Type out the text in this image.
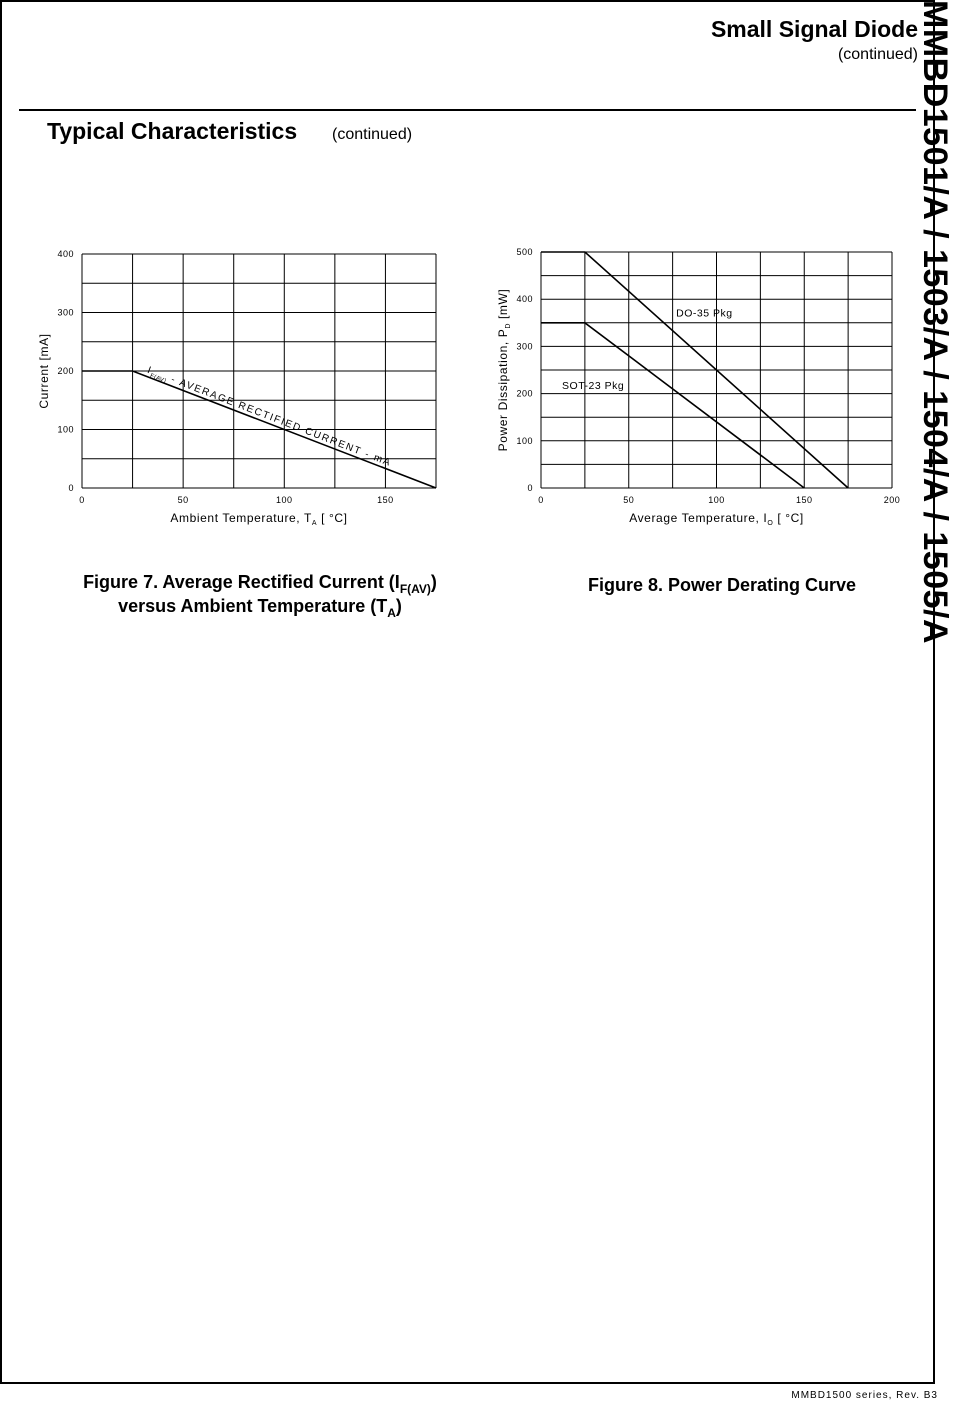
Small Signal Diode
(continued)
Typical Characteristics (continued)	MMBD1501/A / 1503/A / 1504/A / 1505/A
0	50	100	150
0
100
200
300
400
Ambient Temperature, $T_A$ [ °C]
Current [mA]	$I_{F(AV)}$ - AVERAGE RECTIFIED CURRENT - mA
0	50	100	150	200
0
100
200
300
400
500
Average Temperature, $I_O$ [ °C]
Power Dissipation, $P_D$ [mW]	DO-35 Pkg
SOT-23 Pkg
Figure 7. Average Rectified Current $(I_{F(AV)})$
versus Ambient Temperature $(T_A)$
Figure 8. Power Derating Curve
MMBD1500 series, Rev. B3
